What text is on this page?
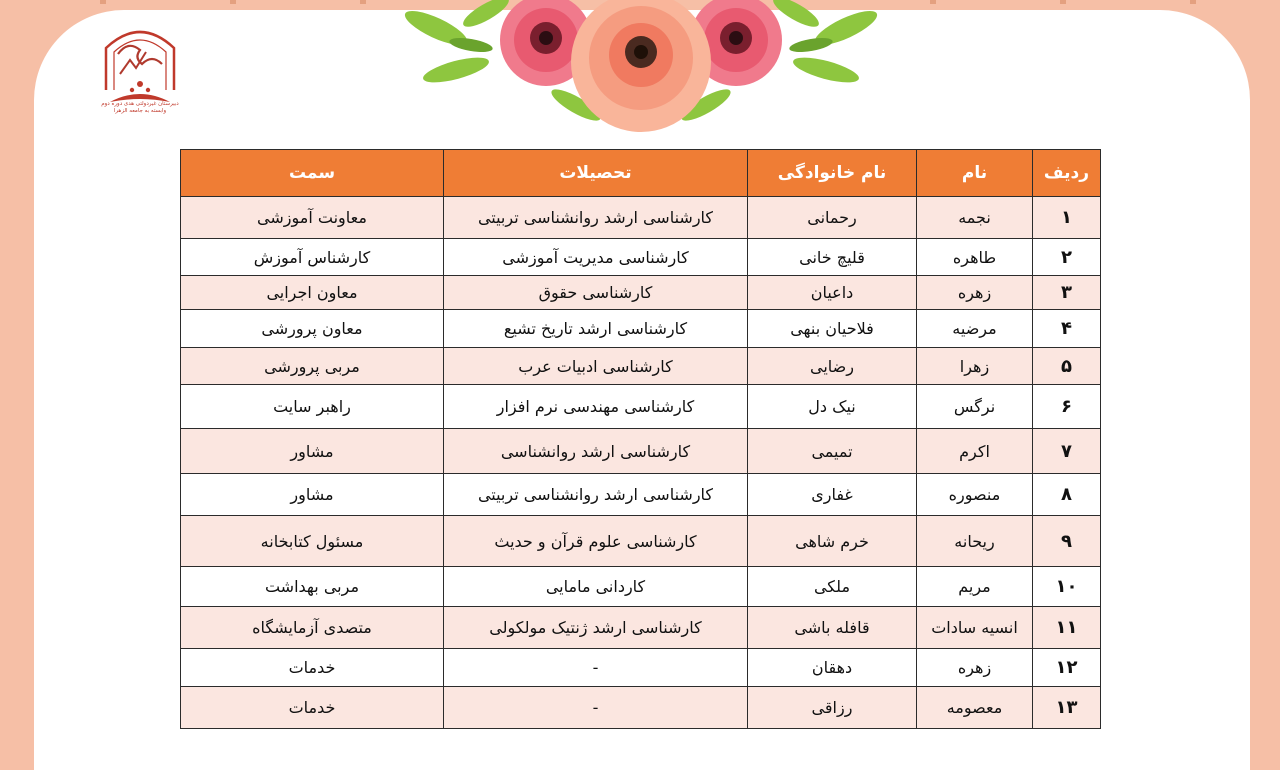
دبیرستان غیردولتی هدی دوره دوم
وابسته به جامعه الزهرا
ردیف	نام	نام خانوادگی	تحصیلات	سمت
۱	نجمه	رحمانی	کارشناسی ارشد روانشناسی تربیتی	معاونت آموزشی
۲	طاهره	قلیچ خانی	کارشناسی مدیریت آموزشی	کارشناس آموزش
۳	زهره	داعیان	کارشناسی حقوق	معاون اجرایی
۴	مرضیه	فلاحیان بنهی	کارشناسی ارشد تاریخ تشیع	معاون پرورشی
۵	زهرا	رضایی	کارشناسی ادبیات عرب	مربی پرورشی
۶	نرگس	نیک دل	کارشناسی مهندسی نرم افزار	راهبر سایت
۷	اکرم	تمیمی	کارشناسی ارشد روانشناسی	مشاور
۸	منصوره	غفاری	کارشناسی ارشد روانشناسی تربیتی	مشاور
۹	ریحانه	خرم شاهی	کارشناسی علوم قرآن و حدیث	مسئول کتابخانه
۱۰	مریم	ملکی	کاردانی مامایی	مربی بهداشت
۱۱	انسیه سادات	قافله باشی	کارشناسی ارشد ژنتیک مولکولی	متصدی آزمایشگاه
۱۲	زهره	دهقان	-	خدمات
۱۳	معصومه	رزاقی	-	خدمات
